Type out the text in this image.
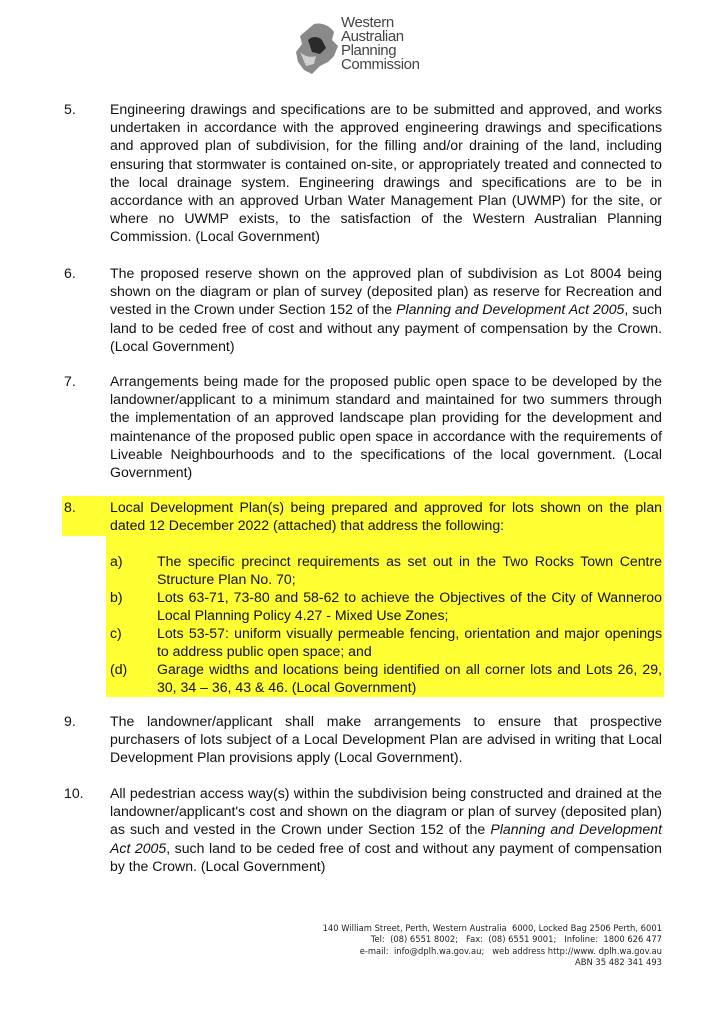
Western
Australian
Planning
Commission
5. Engineering drawings and specifications are to be submitted and approved, and works undertaken in accordance with the approved engineering drawings and specifications and approved plan of subdivision, for the filling and/or draining of the land, including ensuring that stormwater is contained on-site, or appropriately treated and connected to the local drainage system. Engineering drawings and specifications are to be in accordance with an approved Urban Water Management Plan (UWMP) for the site, or where no UWMP exists, to the satisfaction of the Western Australian Planning Commission. (Local Government)
6. The proposed reserve shown on the approved plan of subdivision as Lot 8004 being shown on the diagram or plan of survey (deposited plan) as reserve for Recreation and vested in the Crown under Section 152 of the Planning and Development Act 2005, such land to be ceded free of cost and without any payment of compensation by the Crown. (Local Government)
7. Arrangements being made for the proposed public open space to be developed by the landowner/applicant to a minimum standard and maintained for two summers through the implementation of an approved landscape plan providing for the development and maintenance of the proposed public open space in accordance with the requirements of Liveable Neighbourhoods and to the specifications of the local government. (Local Government)
8. Local Development Plan(s) being prepared and approved for lots shown on the plan dated 12 December 2022 (attached) that address the following:
a) The specific precinct requirements as set out in the Two Rocks Town Centre Structure Plan No. 70;
b) Lots 63-71, 73-80 and 58-62 to achieve the Objectives of the City of Wanneroo Local Planning Policy 4.27 - Mixed Use Zones;
c)	Lots 53-57: uniform visually permeable fencing, orientation and major openings to address public open space; and
(d) Garage widths and locations being identified on all corner lots and Lots 26, 29, 30, 34 – 36, 43 & 46. (Local Government)
9. The landowner/applicant shall make arrangements to ensure that prospective purchasers of lots subject of a Local Development Plan are advised in writing that Local Development Plan provisions apply (Local Government).
10. All pedestrian access way(s) within the subdivision being constructed and drained at the landowner/applicant's cost and shown on the diagram or plan of survey (deposited plan) as such and vested in the Crown under Section 152 of the Planning and Development Act 2005, such land to be ceded free of cost and without any payment of compensation by the Crown. (Local Government)
140 William Street, Perth, Western Australia  6000, Locked Bag 2506 Perth, 6001
Tel:  (08) 6551 8002;   Fax:  (08) 6551 9001;   Infoline:  1800 626 477
e-mail:  info@dplh.wa.gov.au;   web address http://www. dplh.wa.gov.au
ABN 35 482 341 493
